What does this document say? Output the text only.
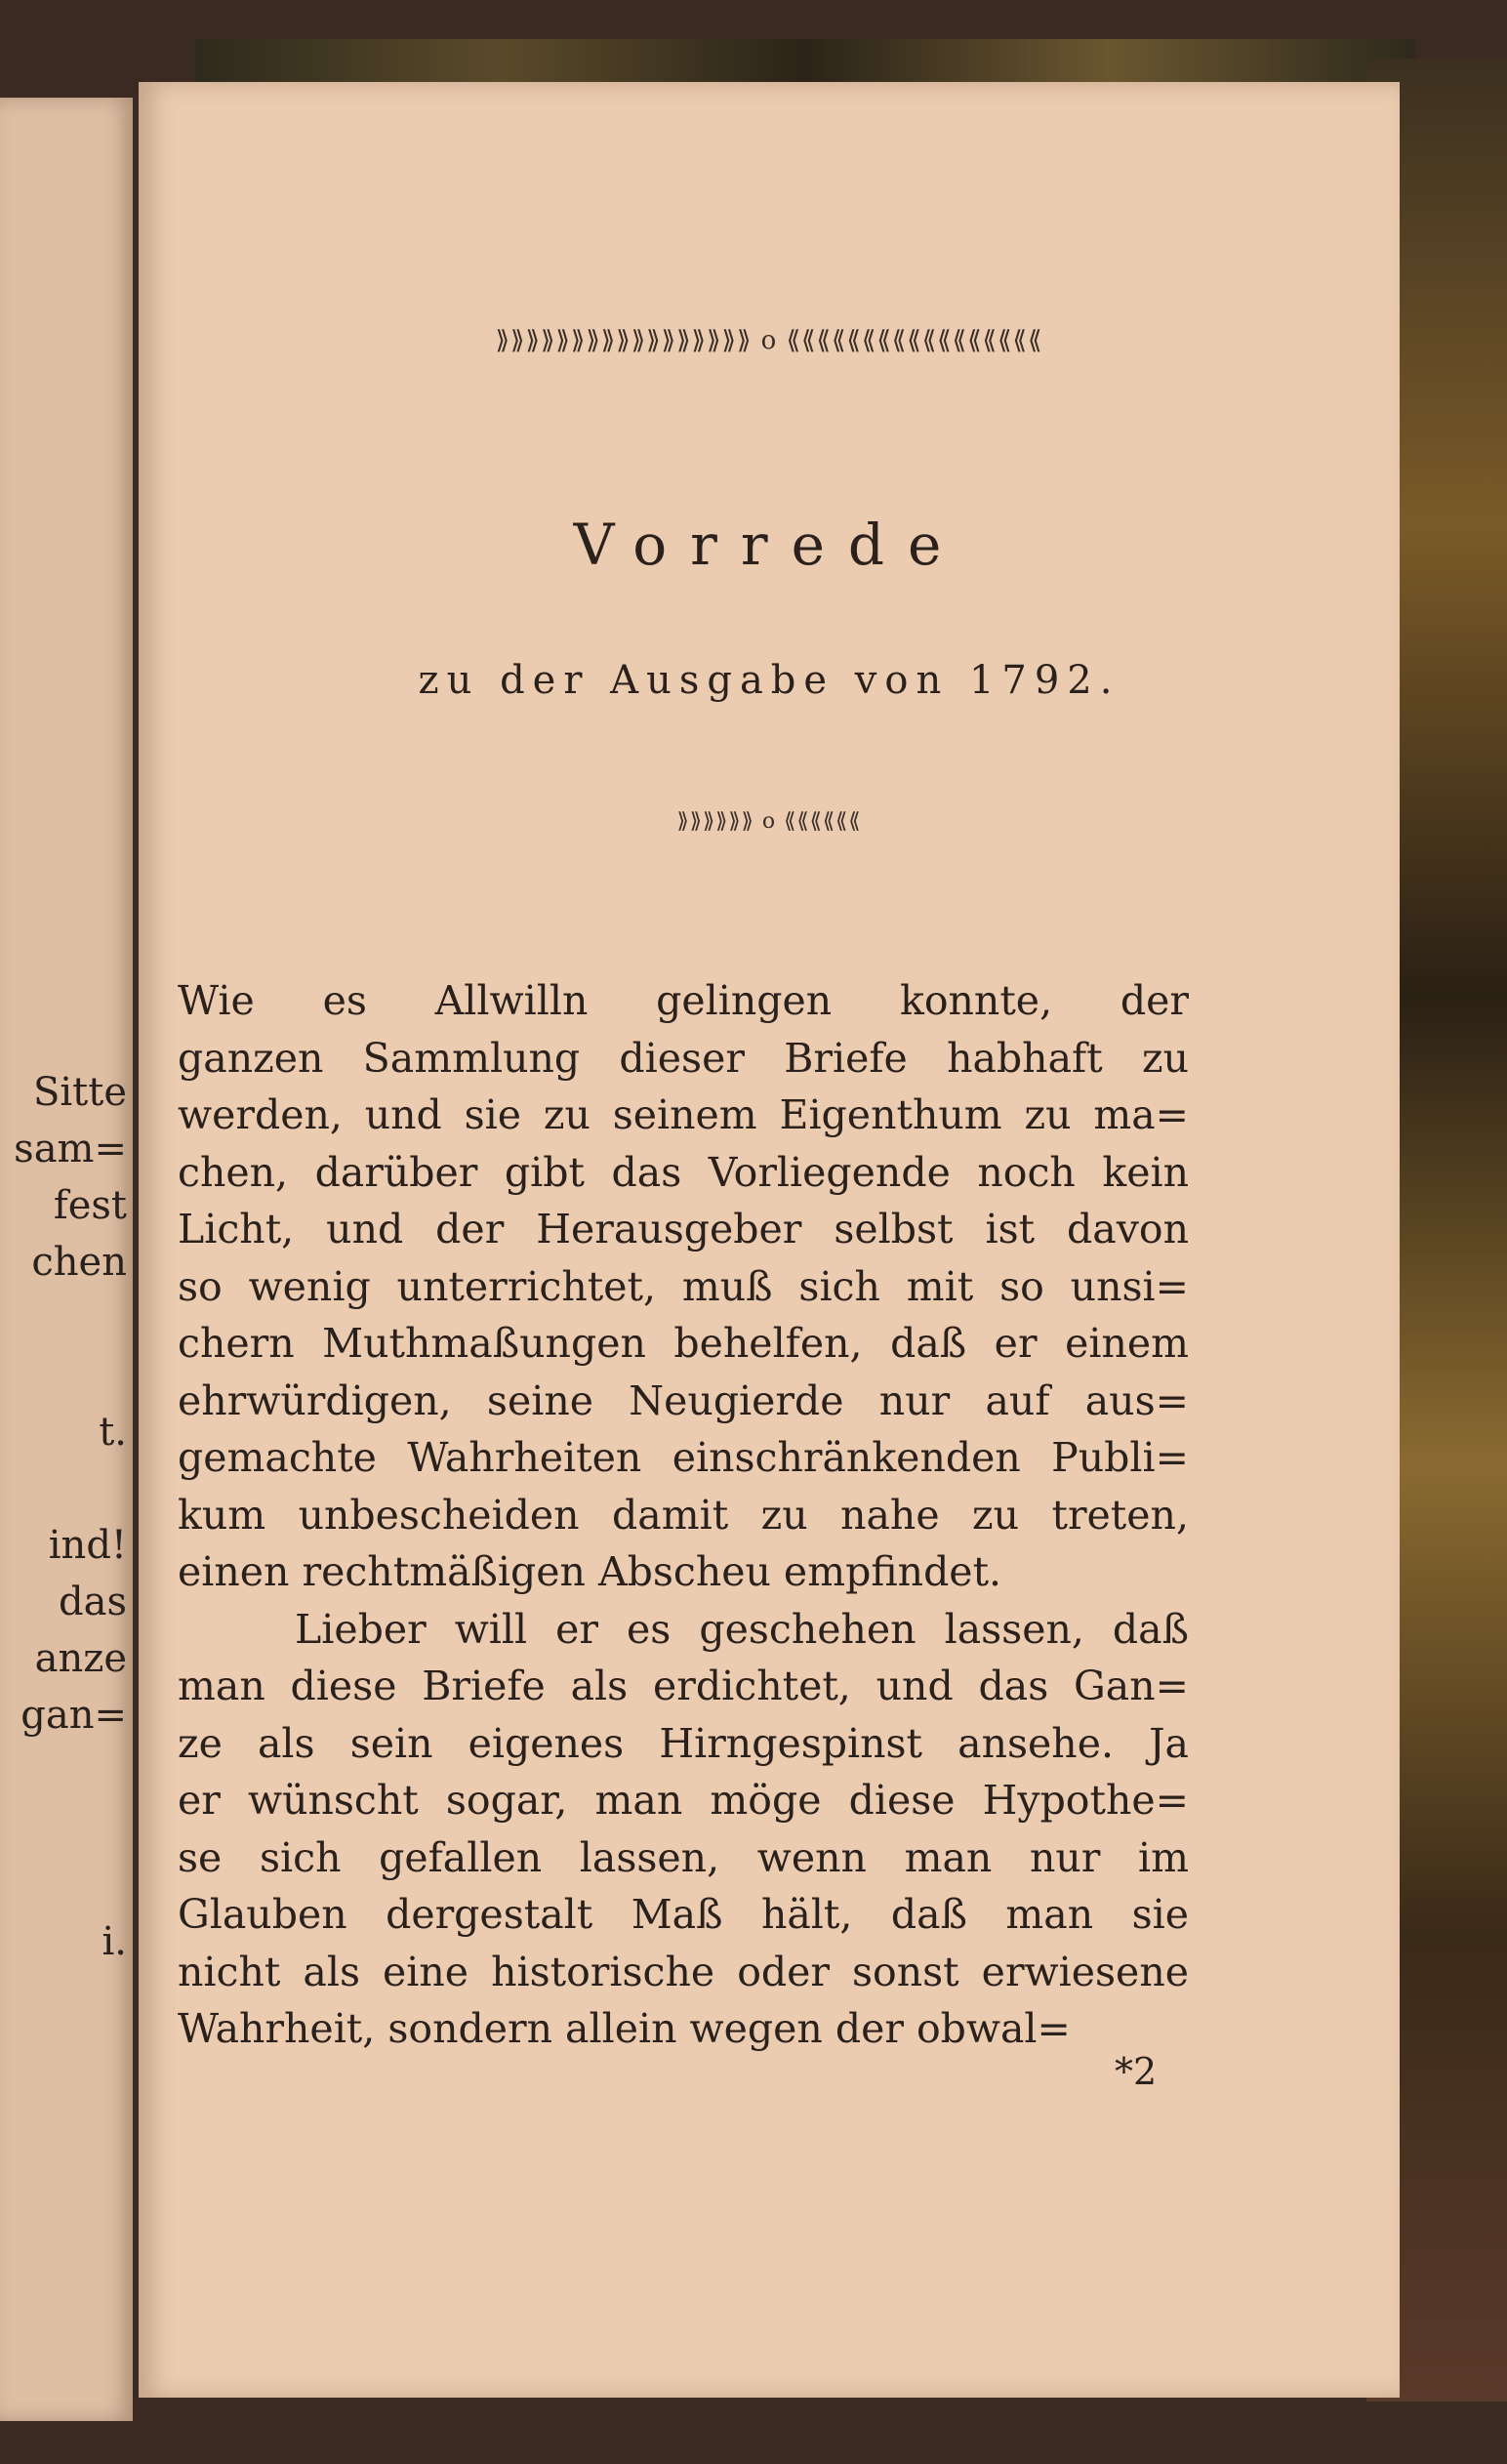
Sitte
sam=
fest
chen
t.
ind!
das
anze
gan=
i.
⟫⟫⟫⟫⟫⟫⟫⟫⟫⟫⟫⟫⟫⟫⟫⟫⟫ o ⟪⟪⟪⟪⟪⟪⟪⟪⟪⟪⟪⟪⟪⟪⟪⟪⟪
Vorrede
zu der Ausgabe von 1792.
⟫⟫⟫⟫⟫⟫ o ⟪⟪⟪⟪⟪⟪
Wie es Allwilln gelingen konnte, der
ganzen Sammlung dieser Briefe habhaft zu
werden, und sie zu seinem Eigenthum zu ma=
chen, darüber gibt das Vorliegende noch kein
Licht, und der Herausgeber selbst ist davon
so wenig unterrichtet, muß sich mit so unsi=
chern Muthmaßungen behelfen, daß er einem
ehrwürdigen, seine Neugierde nur auf aus=
gemachte Wahrheiten einschränkenden Publi=
kum unbescheiden damit zu nahe zu treten,
einen rechtmäßigen Abscheu empfindet.
Lieber will er es geschehen lassen, daß
man diese Briefe als erdichtet, und das Gan=
ze als sein eigenes Hirngespinst ansehe. Ja
er wünscht sogar, man möge diese Hypothe=
se sich gefallen lassen, wenn man nur im
Glauben dergestalt Maß hält, daß man sie
nicht als eine historische oder sonst erwiesene
Wahrheit, sondern allein wegen der obwal=
*2
